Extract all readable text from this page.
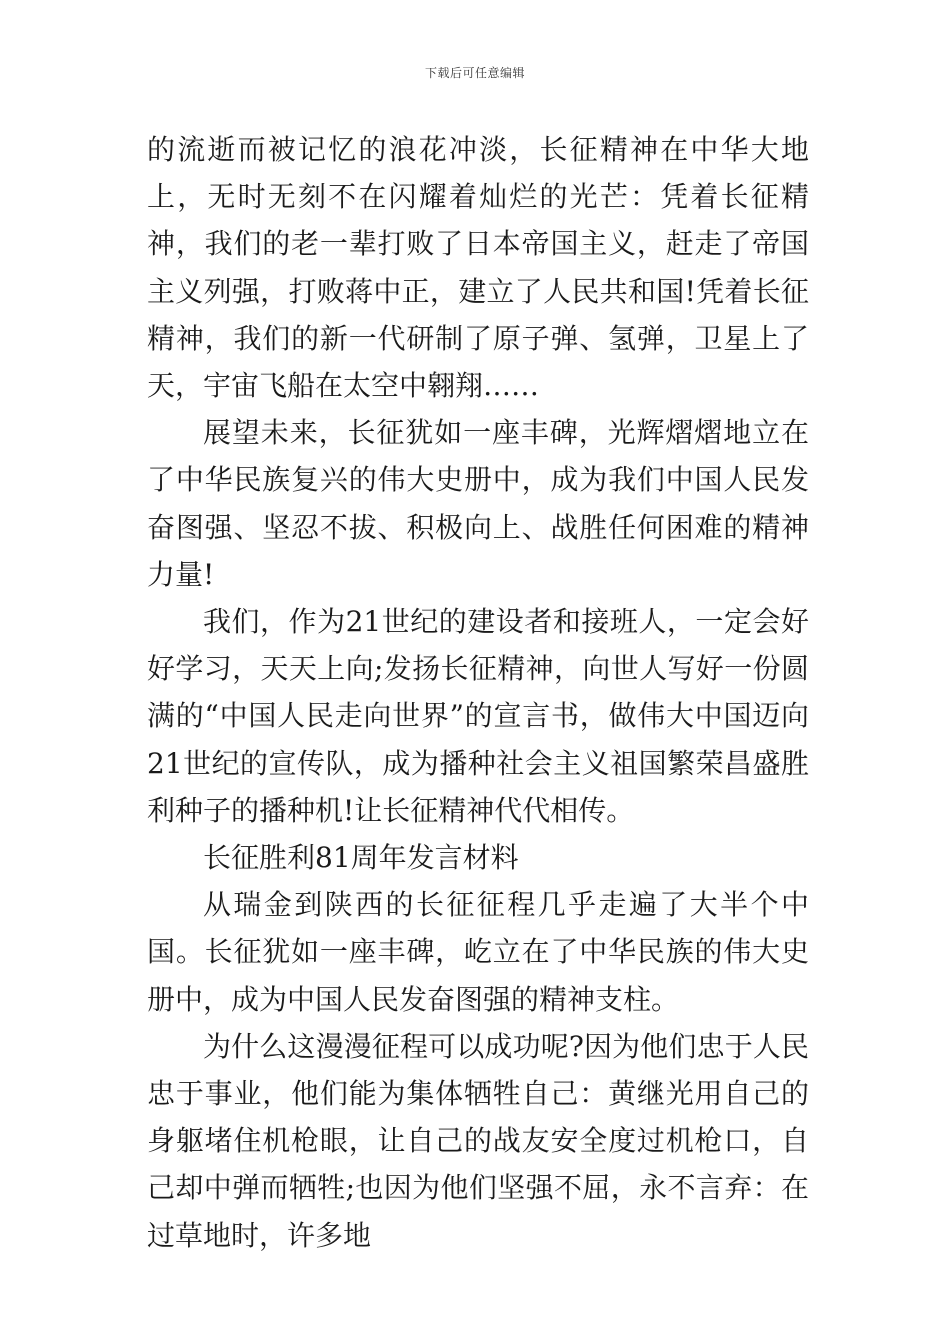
下载后可任意编辑

的流逝而被记忆的浪花冲淡，长征精神在中华大地上，无时无刻不在闪耀着灿烂的光芒：凭着长征精神，我们的老一辈打败了日本帝国主义，赶走了帝国主义列强，打败蒋中正，建立了人民共和国!凭着长征精神，我们的新一代研制了原子弹、氢弹，卫星上了天，宇宙飞船在太空中翱翔……

展望未来，长征犹如一座丰碑，光辉熠熠地立在了中华民族复兴的伟大史册中，成为我们中国人民发奋图强、坚忍不拔、积极向上、战胜任何困难的精神力量!

我们，作为21世纪的建设者和接班人，一定会好好学习，天天上向;发扬长征精神，向世人写好一份圆满的“中国人民走向世界”的宣言书，做伟大中国迈向21世纪的宣传队，成为播种社会主义祖国繁荣昌盛胜利种子的播种机!让长征精神代代相传。

长征胜利81周年发言材料

从瑞金到陕西的长征征程几乎走遍了大半个中国。长征犹如一座丰碑，屹立在了中华民族的伟大史册中，成为中国人民发奋图强的精神支柱。

为什么这漫漫征程可以成功呢?因为他们忠于人民忠于事业，他们能为集体牺牲自己：黄继光用自己的身躯堵住机枪眼，让自己的战友安全度过机枪口，自己却中弹而牺牲;也因为他们坚强不屈，永不言弃：在过草地时，许多地
